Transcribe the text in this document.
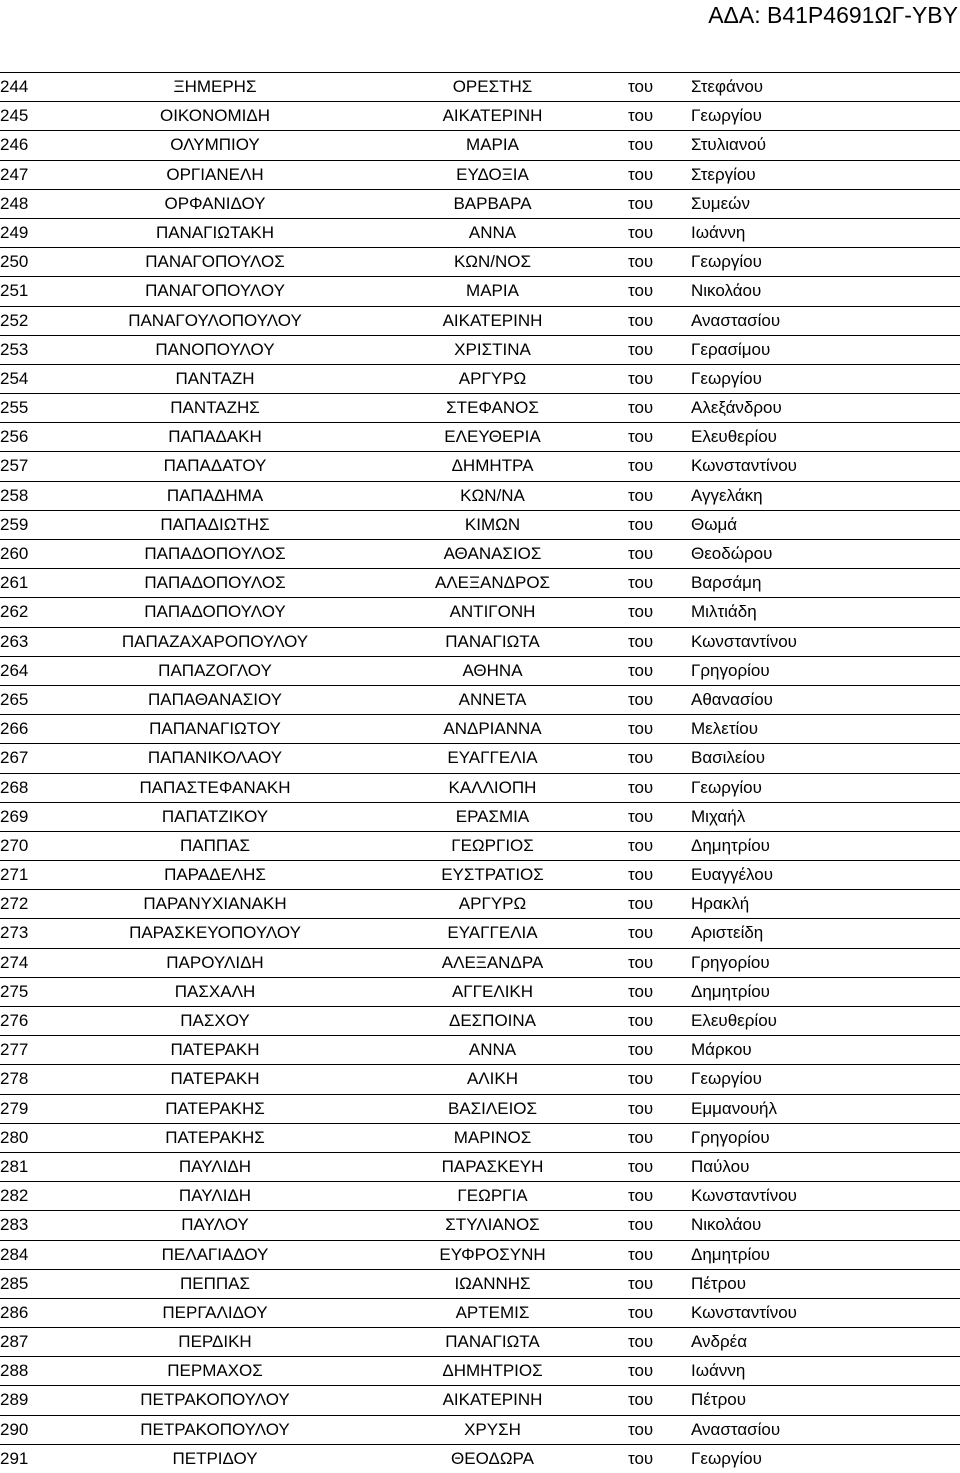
ΑΔΑ: Β41Ρ4691ΩΓ-ΥΒΥ
244	ΞΗΜΕΡΗΣ	ΟΡΕΣΤΗΣ	του Στεφάνου
245	ΟΙΚΟΝΟΜΙΔΗ	ΑΙΚΑΤΕΡΙΝΗ	του Γεωργίου
246	ΟΛΥΜΠΙΟΥ	ΜΑΡΙΑ	του Στυλιανού
247	ΟΡΓΙΑΝΕΛΗ	ΕΥΔΟΞΙΑ	του Στεργίου
248	ΟΡΦΑΝΙΔΟΥ	ΒΑΡΒΑΡΑ	του Συμεών
249	ΠΑΝΑΓΙΩΤΑΚΗ	ΑΝΝΑ	του Ιωάννη
250	ΠΑΝΑΓΟΠΟΥΛΟΣ	ΚΩΝ/ΝΟΣ	του Γεωργίου
251	ΠΑΝΑΓΟΠΟΥΛΟΥ	ΜΑΡΙΑ	του Νικολάου
252	ΠΑΝΑΓΟΥΛΟΠΟΥΛΟΥ	ΑΙΚΑΤΕΡΙΝΗ	του Αναστασίου
253	ΠΑΝΟΠΟΥΛΟΥ	ΧΡΙΣΤΙΝΑ	του Γερασίμου
254	ΠΑΝΤΑΖΗ	ΑΡΓΥΡΩ	του Γεωργίου
255	ΠΑΝΤΑΖΗΣ	ΣΤΕΦΑΝΟΣ	του Αλεξάνδρου
256	ΠΑΠΑΔΑΚΗ	ΕΛΕΥΘΕΡΙΑ	του Ελευθερίου
257	ΠΑΠΑΔΑΤΟΥ	ΔΗΜΗΤΡΑ	του Κωνσταντίνου
258	ΠΑΠΑΔΗΜΑ	ΚΩΝ/ΝΑ	του Αγγελάκη
259	ΠΑΠΑΔΙΩΤΗΣ	ΚΙΜΩΝ	του Θωμά
260	ΠΑΠΑΔΟΠΟΥΛΟΣ	ΑΘΑΝΑΣΙΟΣ	του Θεοδώρου
261	ΠΑΠΑΔΟΠΟΥΛΟΣ	ΑΛΕΞΑΝΔΡΟΣ	του Βαρσάμη
262	ΠΑΠΑΔΟΠΟΥΛΟΥ	ΑΝΤΙΓΟΝΗ	του Μιλτιάδη
263	ΠΑΠΑΖΑΧΑΡΟΠΟΥΛΟΥ	ΠΑΝΑΓΙΩΤΑ	του Κωνσταντίνου
264	ΠΑΠΑΖΟΓΛΟΥ	ΑΘΗΝΑ	του Γρηγορίου
265	ΠΑΠΑΘΑΝΑΣΙΟΥ	ΑΝΝΕΤΑ	του Αθανασίου
266	ΠΑΠΑΝΑΓΙΩΤΟΥ	ΑΝΔΡΙΑΝΝΑ	του Μελετίου
267	ΠΑΠΑΝΙΚΟΛΑΟΥ	ΕΥΑΓΓΕΛΙΑ	του Βασιλείου
268	ΠΑΠΑΣΤΕΦΑΝΑΚΗ	ΚΑΛΛΙΟΠΗ	του Γεωργίου
269	ΠΑΠΑΤΖΙΚΟΥ	ΕΡΑΣΜΙΑ	του Μιχαήλ
270	ΠΑΠΠΑΣ	ΓΕΩΡΓΙΟΣ	του Δημητρίου
271	ΠΑΡΑΔΕΛΗΣ	ΕΥΣΤΡΑΤΙΟΣ	του Ευαγγέλου
272	ΠΑΡΑΝΥΧΙΑΝΑΚΗ	ΑΡΓΥΡΩ	του Ηρακλή
273	ΠΑΡΑΣΚΕΥΟΠΟΥΛΟΥ	ΕΥΑΓΓΕΛΙΑ	του Αριστείδη
274	ΠΑΡΟΥΛΙΔΗ	ΑΛΕΞΑΝΔΡΑ	του Γρηγορίου
275	ΠΑΣΧΑΛΗ	ΑΓΓΕΛΙΚΗ	του Δημητρίου
276	ΠΑΣΧΟΥ	ΔΕΣΠΟΙΝΑ	του Ελευθερίου
277	ΠΑΤΕΡΑΚΗ	ΑΝΝΑ	του Μάρκου
278	ΠΑΤΕΡΑΚΗ	ΑΛΙΚΗ	του Γεωργίου
279	ΠΑΤΕΡΑΚΗΣ	ΒΑΣΙΛΕΙΟΣ	του Εμμανουήλ
280	ΠΑΤΕΡΑΚΗΣ	ΜΑΡΙΝΟΣ	του Γρηγορίου
281	ΠΑΥΛΙΔΗ	ΠΑΡΑΣΚΕΥΗ	του Παύλου
282	ΠΑΥΛΙΔΗ	ΓΕΩΡΓΙΑ	του Κωνσταντίνου
283	ΠΑΥΛΟΥ	ΣΤΥΛΙΑΝΟΣ	του Νικολάου
284	ΠΕΛΑΓΙΑΔΟΥ	ΕΥΦΡΟΣΥΝΗ	του Δημητρίου
285	ΠΕΠΠΑΣ	ΙΩΑΝΝΗΣ	του Πέτρου
286	ΠΕΡΓΑΛΙΔΟΥ	ΑΡΤΕΜΙΣ	του Κωνσταντίνου
287	ΠΕΡΔΙΚΗ	ΠΑΝΑΓΙΩΤΑ	του Ανδρέα
288	ΠΕΡΜΑΧΟΣ	ΔΗΜΗΤΡΙΟΣ	του Ιωάννη
289	ΠΕΤΡΑΚΟΠΟΥΛΟΥ	ΑΙΚΑΤΕΡΙΝΗ	του Πέτρου
290	ΠΕΤΡΑΚΟΠΟΥΛΟΥ	ΧΡΥΣΗ	του Αναστασίου
291	ΠΕΤΡΙΔΟΥ	ΘΕΟΔΩΡΑ	του Γεωργίου
